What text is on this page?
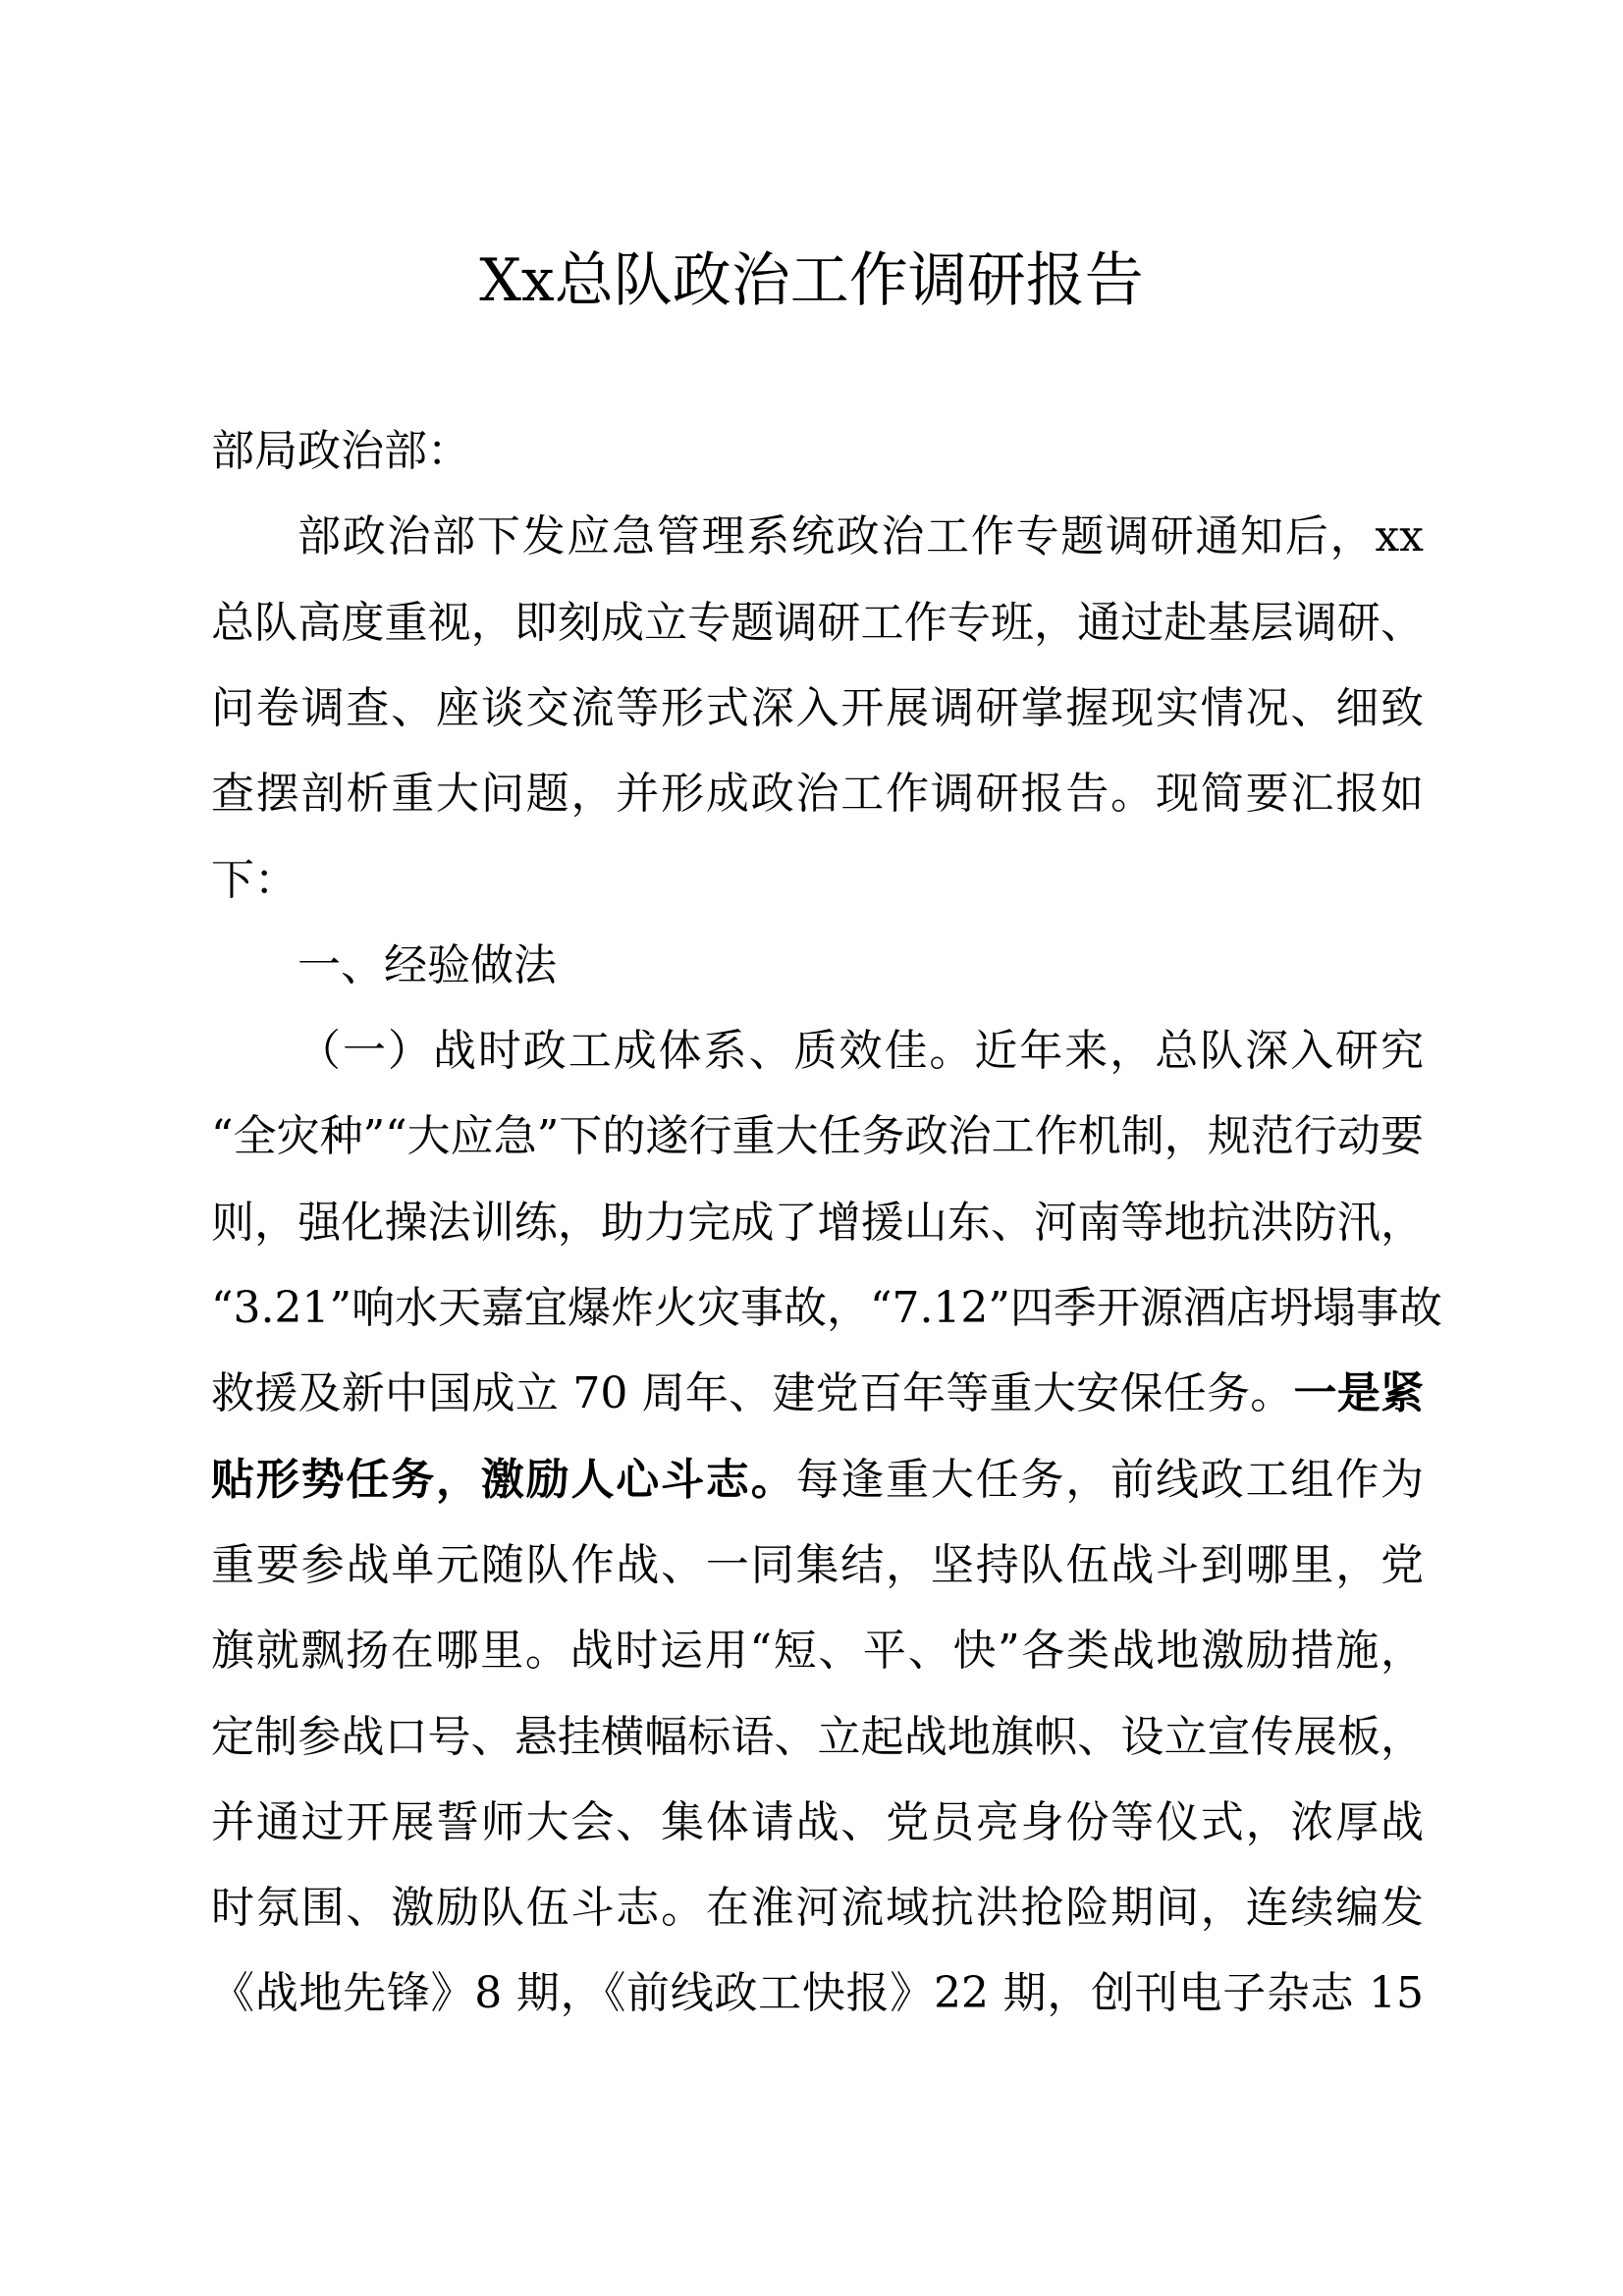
Xx总队政治工作调研报告
部局政治部：
部政治部下发应急管理系统政治工作专题调研通知后，xx
总队高度重视，即刻成立专题调研工作专班，通过赴基层调研、
问卷调查、座谈交流等形式深入开展调研掌握现实情况、细致
查摆剖析重大问题，并形成政治工作调研报告。现简要汇报如
下：
一、经验做法
（一）战时政工成体系、质效佳。近年来，总队深入研究
“全灾种”“大应急”下的遂行重大任务政治工作机制，规范行动要
则，强化操法训练，助力完成了增援山东、河南等地抗洪防汛，
“3.21”响水天嘉宜爆炸火灾事故，“7.12”四季开源酒店坍塌事故
救援及新中国成立 70 周年、建党百年等重大安保任务。一是紧
贴形势任务，激励人心斗志。每逢重大任务，前线政工组作为
重要参战单元随队作战、一同集结，坚持队伍战斗到哪里，党
旗就飘扬在哪里。战时运用“短、平、快”各类战地激励措施，
定制参战口号、悬挂横幅标语、立起战地旗帜、设立宣传展板，
并通过开展誓师大会、集体请战、党员亮身份等仪式，浓厚战
时氛围、激励队伍斗志。在淮河流域抗洪抢险期间，连续编发
《战地先锋》8 期，《前线政工快报》22 期，创刊电子杂志 15
